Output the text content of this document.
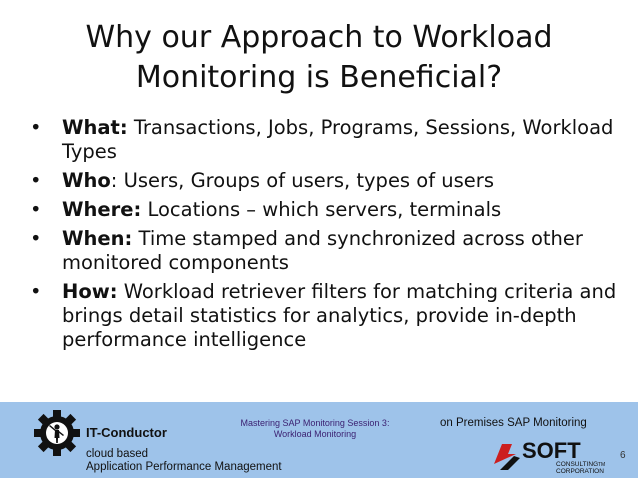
Why our Approach to Workload Monitoring is Beneficial?
• What: Transactions, Jobs, Programs, Sessions, Workload Types
• Who: Users, Groups of users, types of users
• Where: Locations – which servers, terminals
• When: Time stamped and synchronized across other monitored components
• How: Workload retriever filters for matching criteria and brings detail statistics for analytics, provide in-depth performance intelligence
IT-Conductor
cloud based
Application Performance Management
Mastering SAP Monitoring Session 3:
Workload Monitoring
on Premises SAP Monitoring
SOFT
CONSULTING
CORPORATION
TM
6
